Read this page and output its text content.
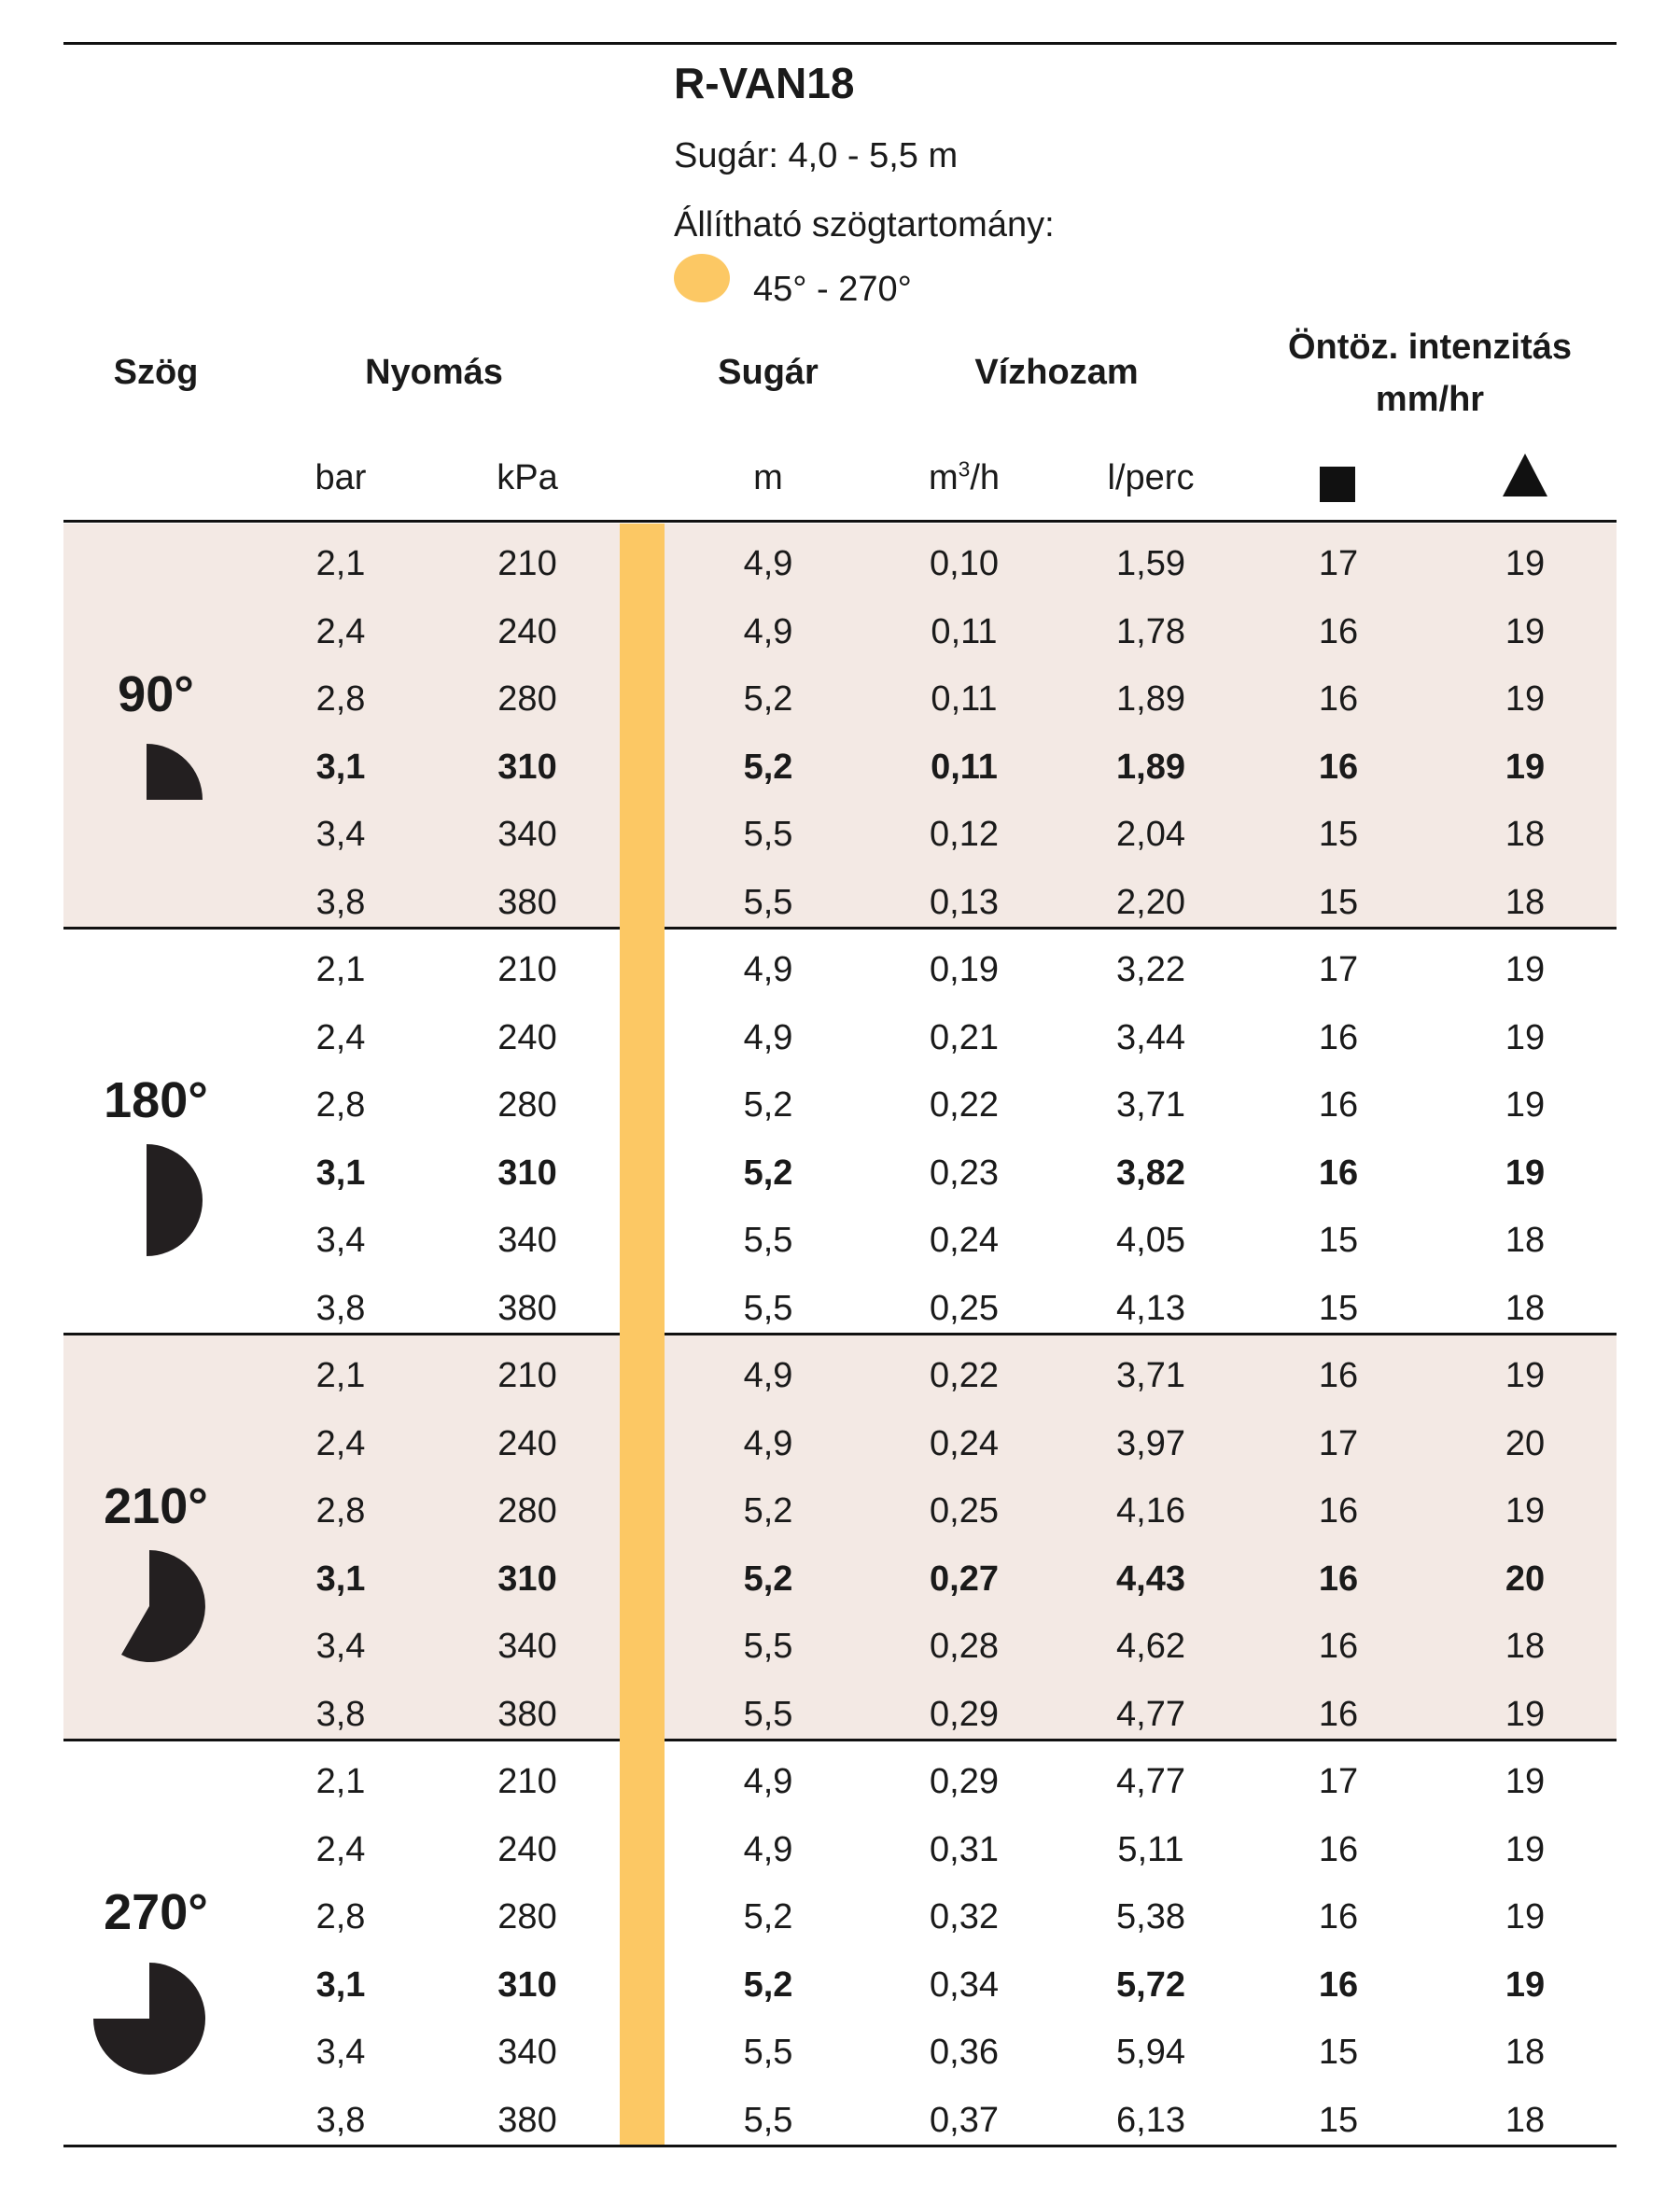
R-VAN18
Sugár: 4,0 - 5,5 m
Állítható szögtartomány:
45° - 270°
Szög	Nyomás	Sugár	Vízhozam
Öntöz. intenzitás
mm/hr
bar	kPa	m	$m^3/h$	l/perc
90°
2,1	210	4,9	0,10	1,59	17	19
2,4	240	4,9	0,11	1,78	16	19
2,8	280	5,2	0,11	1,89	16	19
3,1	310	5,2	0,11	1,89	16	19
3,4	340	5,5	0,12	2,04	15	18
3,8	380	5,5	0,13	2,20	15	18
180°
2,1	210	4,9	0,19	3,22	17	19
2,4	240	4,9	0,21	3,44	16	19
2,8	280	5,2	0,22	3,71	16	19
3,1	310	5,2	0,23	3,82	16	19
3,4	340	5,5	0,24	4,05	15	18
3,8	380	5,5	0,25	4,13	15	18
210°
2,1	210	4,9	0,22	3,71	16	19
2,4	240	4,9	0,24	3,97	17	20
2,8	280	5,2	0,25	4,16	16	19
3,1	310	5,2	0,27	4,43	16	20
3,4	340	5,5	0,28	4,62	16	18
3,8	380	5,5	0,29	4,77	16	19
270°
2,1	210	4,9	0,29	4,77	17	19
2,4	240	4,9	0,31	5,11	16	19
2,8	280	5,2	0,32	5,38	16	19
3,1	310	5,2	0,34	5,72	16	19
3,4	340	5,5	0,36	5,94	15	18
3,8	380	5,5	0,37	6,13	15	18
